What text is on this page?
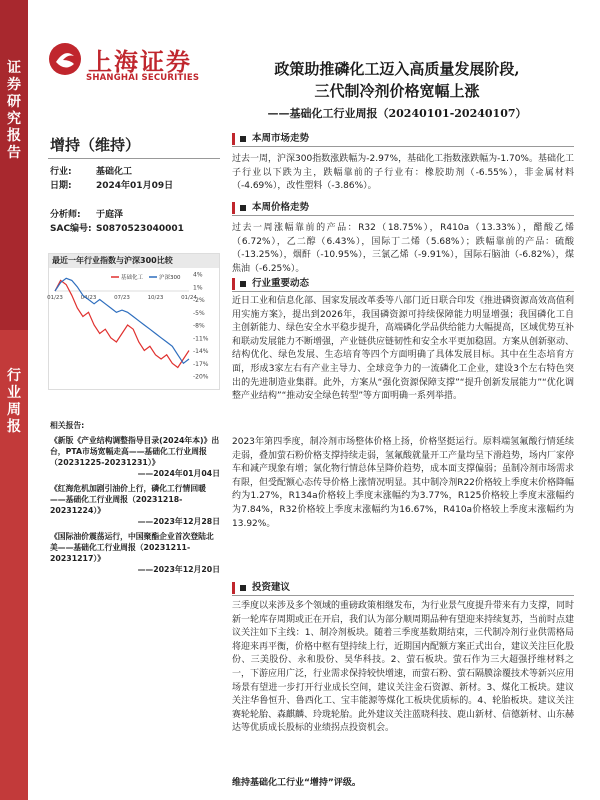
证
券
研
究
报
告
行
业
周
报
上海证券
SHANGHAI SECURITIES	政策助推磷化工迈入高质量发展阶段,
三代制冷剂价格宽幅上涨
——基础化工行业周报（20240101-20240107）
增持（维持）
行业:	基础化工
日期:	2024年01月09日
分析师: 于庭泽
SAC编号: S0870523040001
最近一年行业指数与沪深300比较
4%
1%
-2%
-5%
-8%
-11%
-14%
-17%
-20%
01/23	04/23	07/23	10/23	01/24
基础化工	沪深300
相关报告:
《新版《产业结构调整指导目录(2024年本)》出台，PTA市场宽幅走高——基础化工行业周报（20231225-20231231）》
——2024年01月04日
《红海危机加剧引油价上行，磷化工行情回暖——基础化工行业周报（20231218-20231224）》
——2023年12月28日
《国际油价震荡运行，中国聚酯企业首次登陆北美——基础化工行业周报（20231211-20231217）》
——2023年12月20日
本周市场走势
过去一周，沪深300指数涨跌幅为-2.97%，基础化工指数涨跌幅为-1.70%。基础化工子行业以下跌为主，跌幅靠前的子行业有：橡胶助剂（-6.55%），非金属材料（-4.69%），改性塑料（-3.86%）。
本周价格走势
过去一周涨幅靠前的产品：R32（18.75%），R410a（13.33%），醋酸乙烯（6.72%），乙二醇（6.43%），国际丁二烯（5.68%）；跌幅靠前的产品：硫酸（-13.25%），烟酐（-10.95%），三氯乙烯（-9.91%），国际石脑油（-6.82%），煤焦油（-6.25%）。
行业重要动态
近日工业和信息化部、国家发展改革委等八部门近日联合印发《推进磷资源高效高值利用实施方案》，提出到2026年，我国磷资源可持续保障能力明显增强；我国磷化工自主创新能力、绿色安全水平稳步提升，高端磷化学品供给能力大幅提高，区域优势互补和联动发展能力不断增强，产业链供应链韧性和安全水平更加稳固。方案从创新驱动、结构优化、绿色发展、生态培育等四个方面明确了具体发展目标。其中在生态培育方面，形成3家左右有产业主导力、全球竞争力的一流磷化工企业，建设3个左右特色突出的先进制造业集群。此外，方案从“强化资源保障支撑”“提升创新发展能力”“优化调整产业结构”“推动安全绿色转型”等方面明确一系列举措。
2023年第四季度，制冷剂市场整体价格上扬，价格坚挺运行。原料端氢氟酸行情延续走弱，叠加萤石粉价格支撑持续走弱，氢氟酸就量开工产量均呈下滑趋势，场内厂家停车和减产现象有增；氯化物行情总体呈降价趋势，成本面支撑偏弱；虽制冷剂市场需求有限，但受配额心态传导价格上涨情况明显。其中制冷剂R22价格较上季度末价格降幅约为1.27%，R134a价格较上季度末涨幅约为3.77%，R125价格较上季度末涨幅约为7.84%，R32价格较上季度末涨幅约为16.67%，R410a价格较上季度末涨幅约为13.92%。
投资建议
三季度以来涉及多个领域的重磅政策相继发布，为行业景气度提升带来有力支撑，同时新一轮库存周期或正在开启，我们认为部分顺周期品种有望迎来持续复苏，当前时点建议关注如下主线：1、制冷剂板块。随着三季度基数期结束，三代制冷剂行业供需格局将迎来再平衡，价格中枢有望持续上行，近期国内配额方案正式出台，建议关注巨化股份、三美股份、永和股份、昊华科技。2、萤石板块。萤石作为三大超强抒维材料之一，下游应用广泛，行业需求保持较快增速，而萤石粉、萤石隔膜涂覆技术等新兴应用场景有望进一步打开行业成长空间，建议关注金石资源、新材。3、煤化工板块。建议关注华鲁恒升、鲁西化工、宝丰能源等煤化工板块优质标的。4、轮胎板块。建议关注赛轮轮胎、森麒麟、玲珑轮胎。此外建议关注蓝晓科技、鹿山新材、信德新材、山东赫达等优质成长股标的业绩拐点投资机会。
维持基础化工行业“增持”评级。
